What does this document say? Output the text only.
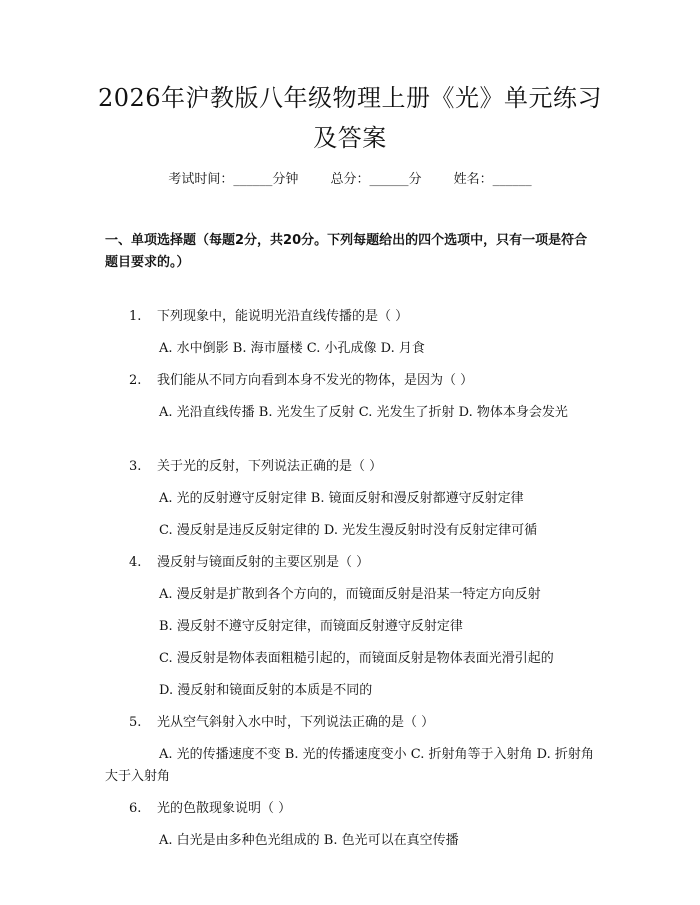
2026年沪教版八年级物理上册《光》单元练习及答案
考试时间：______分钟 总分：______分 姓名：______
一、单项选择题（每题2分，共20分。下列每题给出的四个选项中，只有一项是符合题目要求的。）
1. 下列现象中，能说明光沿直线传播的是（ ）
A. 水中倒影 B. 海市蜃楼 C. 小孔成像 D. 月食
2. 我们能从不同方向看到本身不发光的物体，是因为（ ）
A. 光沿直线传播 B. 光发生了反射 C. 光发生了折射 D. 物体本身会发光
3. 关于光的反射，下列说法正确的是（ ）
A. 光的反射遵守反射定律 B. 镜面反射和漫反射都遵守反射定律
C. 漫反射是违反反射定律的 D. 光发生漫反射时没有反射定律可循
4. 漫反射与镜面反射的主要区别是（ ）
A. 漫反射是扩散到各个方向的，而镜面反射是沿某一特定方向反射
B. 漫反射不遵守反射定律，而镜面反射遵守反射定律
C. 漫反射是物体表面粗糙引起的，而镜面反射是物体表面光滑引起的
D. 漫反射和镜面反射的本质是不同的
5. 光从空气斜射入水中时，下列说法正确的是（ ）
A. 光的传播速度不变 B. 光的传播速度变小 C. 折射角等于入射角 D. 折射角大于入射角
6. 光的色散现象说明（ ）
A. 白光是由多种色光组成的 B. 色光可以在真空传播
